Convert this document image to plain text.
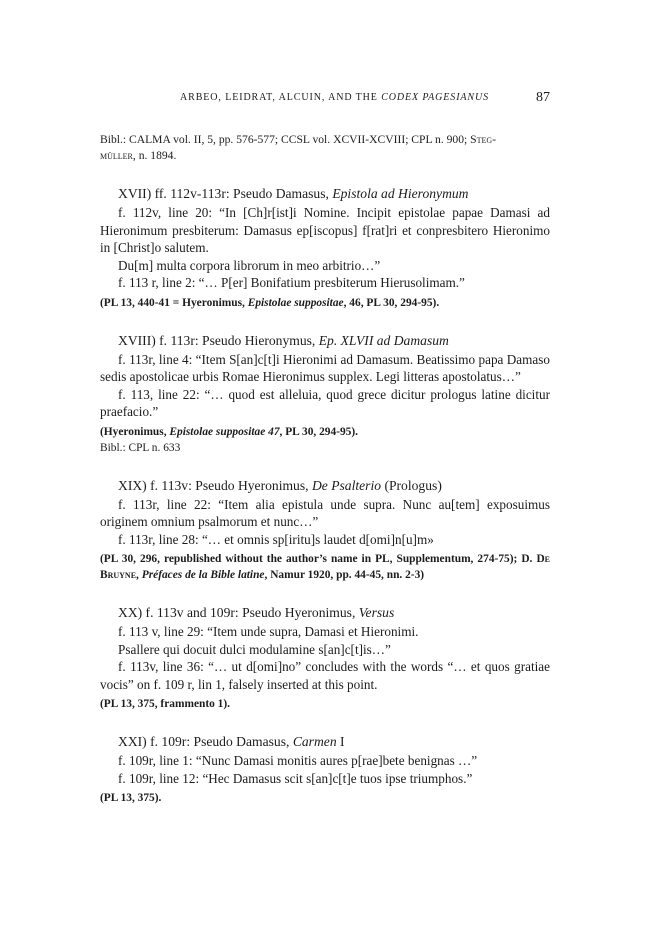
ARBEO, LEIDRAT, ALCUIN, AND THE CODEX PAGESIANUS	87

Bibl.: CALMA vol. II, 5, pp. 576-577; CCSL vol. XCVII-XCVIII; CPL n. 900; Steg-
müller, n. 1894.

XVII) ff. 112v-113r: Pseudo Damasus, Epistola ad Hieronymum

f. 112v, line 20: “In [Ch]r[ist]i Nomine. Incipit epistolae papae Damasi ad Hieronimum presbiterum: Damasus ep[iscopus] f[rat]ri et conpresbitero Hieronimo in [Christ]o salutem.

Du[m] multa corpora librorum in meo arbitrio…”

f. 113 r, line 2: “… P[er] Bonifatium presbiterum Hierusolimam.”

(PL 13, 440-41 = Hyeronimus, Epistolae suppositae, 46, PL 30, 294-95).

XVIII) f. 113r: Pseudo Hieronymus, Ep. XLVII ad Damasum

f. 113r, line 4: “Item S[an]c[t]i Hieronimi ad Damasum. Beatissimo papa Damaso sedis apostolicae urbis Romae Hieronimus supplex. Legi litteras apostolatus…”

f. 113, line 22: “… quod est alleluia, quod grece dicitur prologus latine dicitur praefacio.”

(Hyeronimus, Epistolae suppositae 47, PL 30, 294-95).

Bibl.: CPL n. 633

XIX) f. 113v: Pseudo Hyeronimus, De Psalterio (Prologus)

f. 113r, line 22: “Item alia epistula unde supra. Nunc au[tem] exposuimus originem omnium psalmorum et nunc…”

f. 113r, line 28: “… et omnis sp[iritu]s laudet d[omi]n[u]m»

(PL 30, 296, republished without the author’s name in PL, Supplementum, 274-75); D. De Bruyne, Préfaces de la Bible latine, Namur 1920, pp. 44-45, nn. 2-3)

XX) f. 113v and 109r: Pseudo Hyeronimus, Versus

f. 113 v, line 29: “Item unde supra, Damasi et Hieronimi.

Psallere qui docuit dulci modulamine s[an]c[t]is…”

f. 113v, line 36: “… ut d[omi]no” concludes with the words “… et quos gratiae vocis” on f. 109 r, lin 1, falsely inserted at this point.

(PL 13, 375, frammento 1).

XXI) f. 109r: Pseudo Damasus, Carmen I

f. 109r, line 1: “Nunc Damasi monitis aures p[rae]bete benignas …”

f. 109r, line 12: “Hec Damasus scit s[an]c[t]e tuos ipse triumphos.”

(PL 13, 375).
